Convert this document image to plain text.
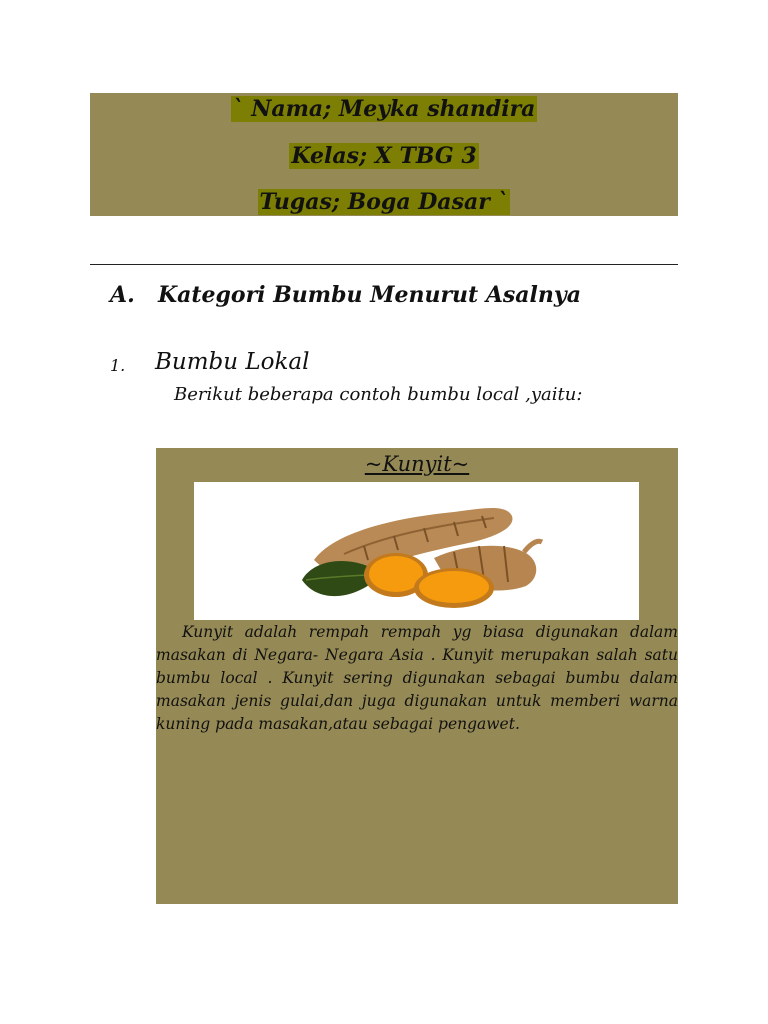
` Nama; Meyka shandira
Kelas; X TBG 3
Tugas; Boga Dasar `
A. Kategori Bumbu Menurut Asalnya
1. Bumbu Lokal
Berikut beberapa contoh bumbu local ,yaitu:
~Kunyit~

Kunyit adalah rempah rempah yg biasa digunakan dalam masakan di Negara- Negara Asia . Kunyit merupakan salah satu bumbu local . Kunyit sering digunakan sebagai bumbu dalam masakan jenis gulai,dan juga digunakan untuk memberi warna kuning pada masakan,atau sebagai pengawet.
